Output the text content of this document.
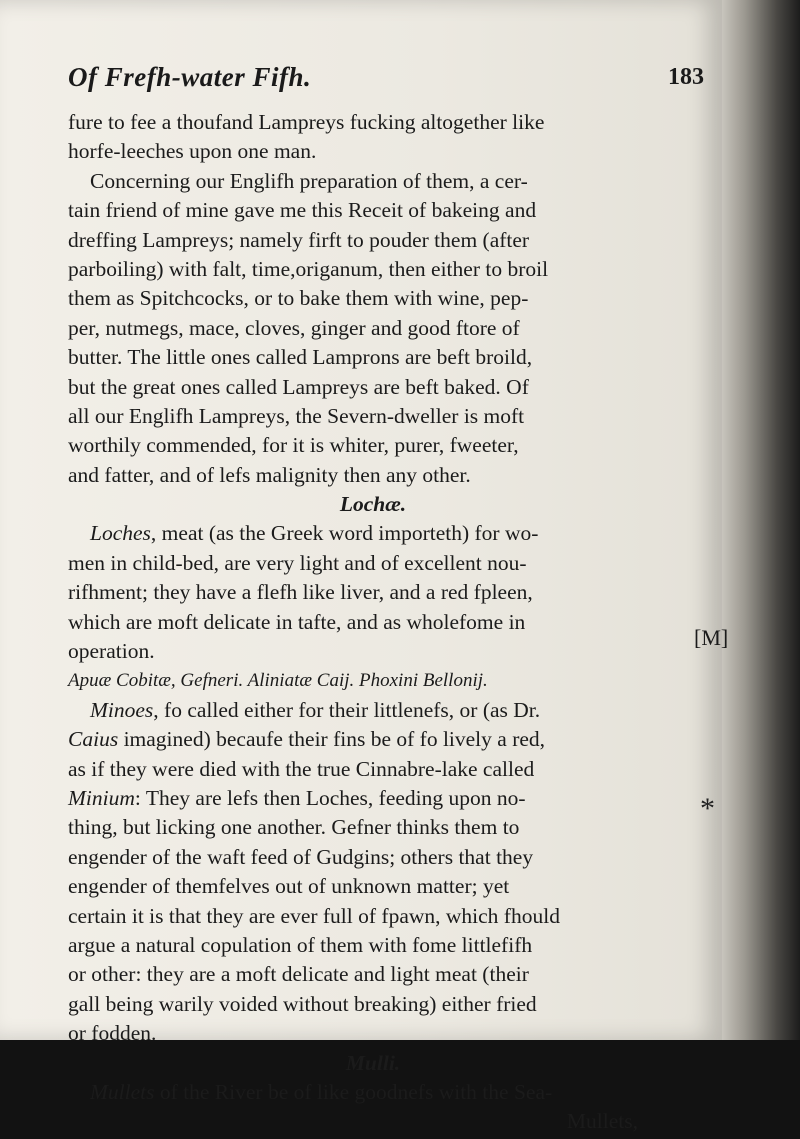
Of Frefh-water Fifh.	183
fure to fee a thoufand Lampreys fucking altogether like
horfe-leeches upon one man.
Concerning our Englifh preparation of them, a cer-
tain friend of mine gave me this Receit of bakeing and
dreffing Lampreys; namely firft to pouder them (after
parboiling) with falt, time,origanum, then either to broil
them as Spitchcocks, or to bake them with wine, pep-
per, nutmegs, mace, cloves, ginger and good ftore of
butter. The little ones called Lamprons are beft broild,
but the great ones called Lampreys are beft baked. Of
all our Englifh Lampreys, the Severn-dweller is moft
worthily commended, for it is whiter, purer, fweeter,
and fatter, and of lefs malignity then any other.
Lochæ.
Loches, meat (as the Greek word importeth) for wo-
men in child-bed, are very light and of excellent nou-
rifhment; they have a flefh like liver, and a red fpleen,
which are moft delicate in tafte, and as wholefome in
operation.
Apuæ Cobitæ, Gefneri. Aliniatæ Caij. Phoxini Bellonij.
Minoes, fo called either for their littlenefs, or (as Dr.
Caius imagined) becaufe their fins be of fo lively a red,
as if they were died with the true Cinnabre-lake called
Minium: They are lefs then Loches, feeding upon no-
thing, but licking one another. Gefner thinks them to
engender of the waft feed of Gudgins; others that they
engender of themfelves out of unknown matter; yet
certain it is that they are ever full of fpawn, which fhould
argue a natural copulation of them with fome littlefifh
or other: they are a moft delicate and light meat (their
gall being warily voided without breaking) either fried
or fodden.
Mulli.
Mullets of the River be of like goodnefs with the Sea-
Mullets,
[M]
*
